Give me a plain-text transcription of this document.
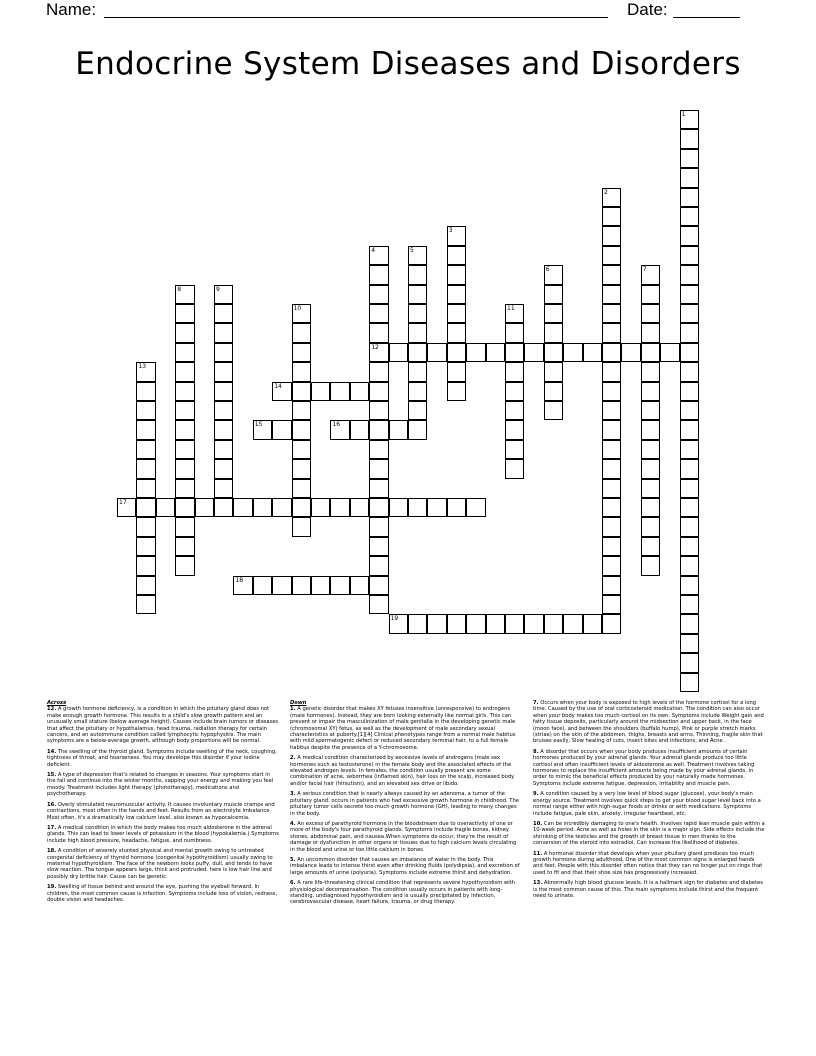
Name:	Date:
Endocrine System Diseases and Disorders
12
14
15	16
17
18
19
1
2
3
4	5
6	7
8	9
10	11
13
Across
12. A growth hormone deficiency, is a condition in which the pituitary gland does not make enough growth hormone. This results in a child's slow growth pattern and an unusually small stature (below average height). Causes include brain tumors or diseases that affect the pituitary or hypothalamus, head trauma, radiation therapy for certain cancers, and an autoimmune condition called lymphocytic hypophysitis. The main symptoms are a below-average growth, although body proportions will be normal.
14. The swelling of the thyroid gland. Symptoms include swelling of the neck, coughing, tightness of throat, and hoarseness. You may develope this disorder if your iodine deficient.
15. A type of depression that's related to changes in seasons. Your symptoms start in the fall and continue into the winter months, sapping your energy and making you feel moody. Treatment includes light therapy (phototherapy), medications and psychotherapy.
16. Overly stimulated neuromuscular activity. It causes involuntary muscle cramps and contractions, most often in the hands and feet. Results from an electrolyte imbalance. Most often, it's a dramatically low calcium level, also known as hypocalcemia.
17. A medical condition in which the body makes too much aldosterone in the adrenal glands. This can lead to lower levels of potassium in the blood (hypokalemia.) Symptoms include high blood pressure, headache, fatigue, and numbness.
18. A condition of severely stunted physical and mental growth owing to untreated congenital deficiency of thyroid hormone (congenital hypothyroidism) usually owing to maternal hypothyroidism. The face of the newborn looks puffy, dull, and tends to have slow reaction. The tongue appears large, thick and protruded. here is low hair line and possibly dry brittle hair. Cause can be genetic.
19. Swelling of tissue behind and around the eye, pushing the eyeball forward. In children, the most common cause is infection. Symptoms include loss of vision, redness, double vision and headaches.
Down
1. A genetic disorder that makes XY fetuses insensitive (unresponsive) to androgens (male hormones). Instead, they are born looking externally like normal girls. This can prevent or impair the masculinization of male genitalia in the developing genetic male (chromosomal XY) fetus, as well as the development of male secondary sexual characteristics at puberty.[1][4] Clinical phenotypes range from a normal male habitus with mild spermatogenic defect or reduced secondary terminal hair, to a full female habitus despite the presence of a Y-chromosome.
2. A medical condition characterized by excessive levels of androgens (male sex hormones such as testosterone) in the female body and the associated effects of the elevated androgen levels. In females, the condition usually present are some combination of acne, seborrhea (inflamed skin), hair loss on the scalp, increased body and/or facial hair (hirsutism), and an elevated sex drive or libido.
3. A serious condition that is nearly always caused by an adenoma, a tumor of the pituitary gland. occurs in patients who had excessive growth hormone in childhood. The pituitary tumor cells secrete too much growth hormone (GH), leading to many changes in the body.
4. An excess of parathyroid hormone in the bloodstream due to overactivity of one or more of the body's four parathyroid glands. Symptoms include fragile bones, kidney stones, abdominal pain, and nausea.When symptoms do occur, they're the result of damage or dysfunction in other organs or tissues due to high calcium levels circulating in the blood and urine or too little calcium in bones.
5. An uncommon disorder that causes an imbalance of water in the body. This imbalance leads to intense thirst even after drinking fluids (polydipsia), and excretion of large amounts of urine (polyuria). Symptoms include extreme thirst and dehydration.
6. A rare life-threatening clinical condition that represents severe hypothyroidism with physiological decompensation. The condition usually occurs in patients with long-standing, undiagnosed hypothyroidism and is usually precipitated by infection, cerebrovascular disease, heart failure, trauma, or drug therapy.
7. Occurs when your body is exposed to high levels of the hormone cortisol for a long time. Caused by the use of oral corticosteroid medication. The condition can also occur when your body makes too much cortisol on its own. Symptoms include Weight gain and fatty tissue deposits, particularly around the midsection and upper back, in the face (moon face), and between the shoulders (buffalo hump), Pink or purple stretch marks (striae) on the skin of the abdomen, thighs, breasts and arms, Thinning, fragile skin that bruises easily, Slow healing of cuts, insect bites and infections, and Acne .
8. A disorder that occurs when your body produces insufficient amounts of certain hormones produced by your adrenal glands. Your adrenal glands produce too little cortisol and often insufficient levels of aldosterone as well. Treatment involves taking hormones to replace the insufficient amounts being made by your adrenal glands, in order to mimic the beneficial effects produced by your naturally made hormones. Symptoms include extreme fatigue, depression, irritability and muscle pain.
9. A condition caused by a very low level of blood sugar (glucose), your body's main energy source. Treatment involves quick steps to get your blood sugar level back into a normal range either with high-sugar foods or drinks or with medications. Symptoms include fatigue, pale skin, anxiety, irregular heartbeat, etc.
10. Can be incredibly damaging to one's health. Involves rapid lean muscle gain within a 10-week period. Acne as well as holes in the skin is a major sign. Side effects include the shrinking of the testicles and the growth of breast tissue in men thanks to the conversion of the steroid into estradiol. Can increase the likelihood of diabetes.
11. A hormonal disorder that develops when your pituitary gland produces too much growth hormone during adulthood. One of the most common signs is enlarged hands and feet. People with this disorder often notice that they can no longer put on rings that used to fit and that their shoe size has progressively increased.
13. Abnormally high blood glucose levels. It is a hallmark sign for diabetes and diabetes is the most common cause of this. The main symptoms include thirst and the frequent need to urinate.
